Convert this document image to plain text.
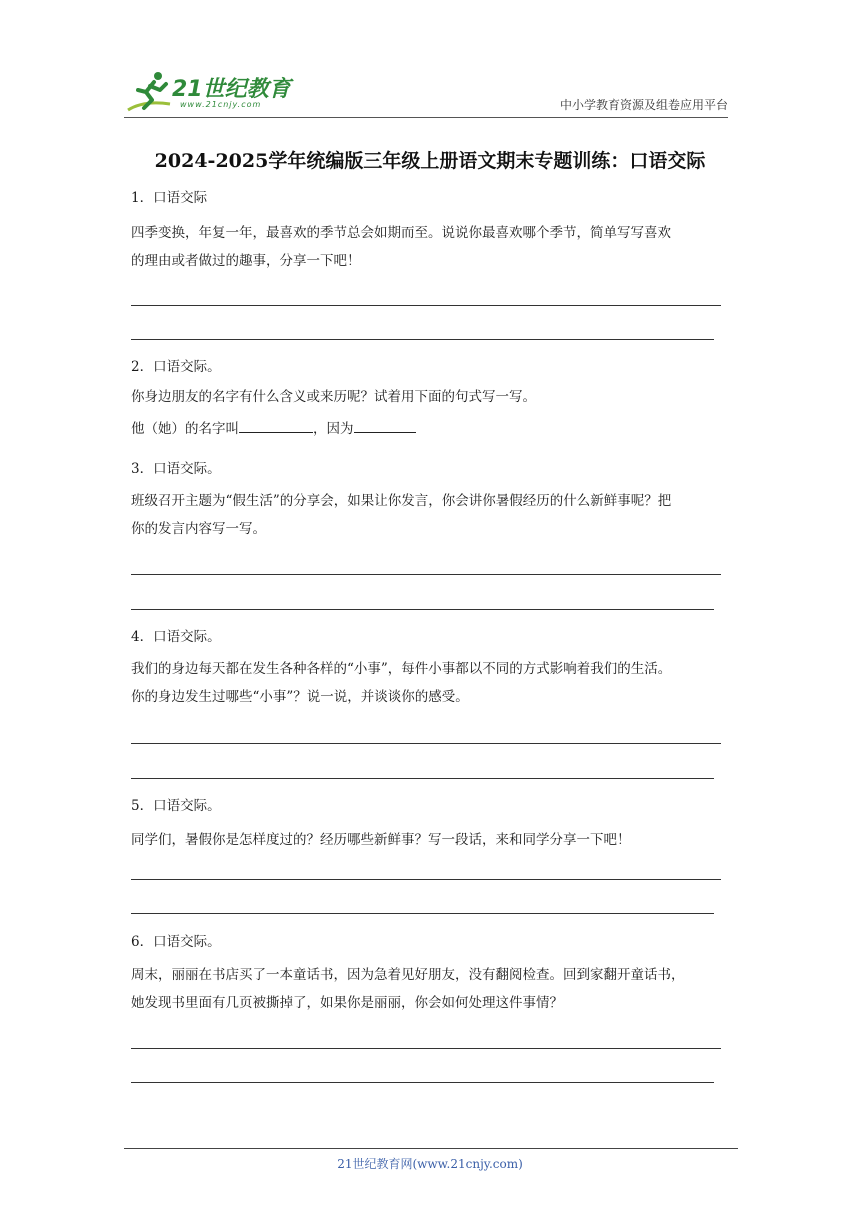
21世纪教育
www.21cnjy.com	中小学教育资源及组卷应用平台
2024-2025学年统编版三年级上册语文期末专题训练：口语交际
1．口语交际
四季变换，年复一年，最喜欢的季节总会如期而至。说说你最喜欢哪个季节，简单写写喜欢
的理由或者做过的趣事，分享一下吧！
2．口语交际。
你身边朋友的名字有什么含义或来历呢？试着用下面的句式写一写。
他（她）的名字叫	，因为
3．口语交际。
班级召开主题为“假生活”的分享会，如果让你发言，你会讲你暑假经历的什么新鲜事呢？把
你的发言内容写一写。
4．口语交际。
我们的身边每天都在发生各种各样的“小事”，每件小事都以不同的方式影响着我们的生活。
你的身边发生过哪些“小事”？说一说，并谈谈你的感受。
5．口语交际。
同学们，暑假你是怎样度过的？经历哪些新鲜事？写一段话，来和同学分享一下吧！
6．口语交际。
周末，丽丽在书店买了一本童话书，因为急着见好朋友，没有翻阅检查。回到家翻开童话书，
她发现书里面有几页被撕掉了，如果你是丽丽，你会如何处理这件事情？
21世纪教育网(www.21cnjy.com)
